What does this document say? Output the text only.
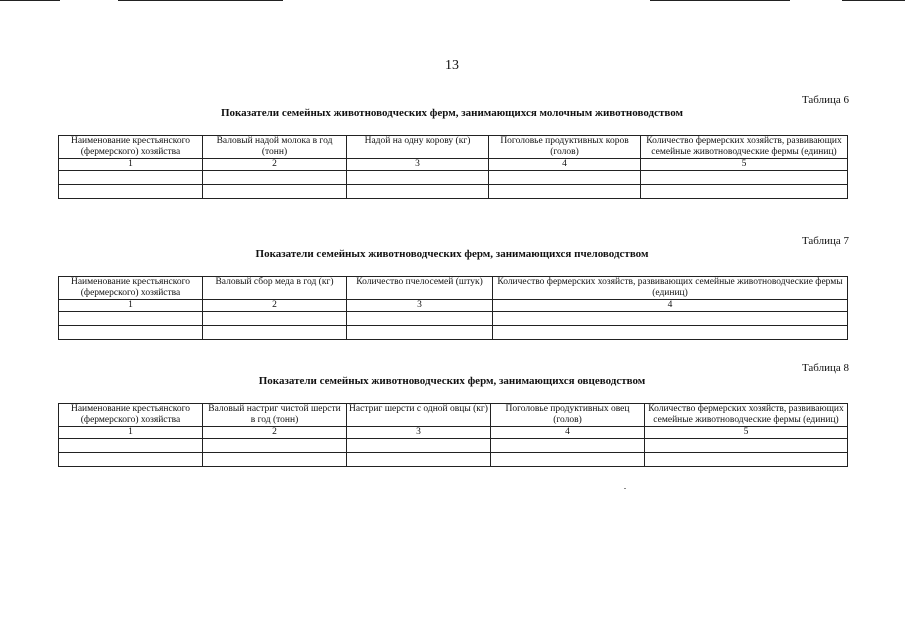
13
Таблица 6
Показатели семейных животноводческих ферм, занимающихся молочным животноводством
Наименование крестьянского (фермерского) хозяйства	Валовый надой молока в год (тонн)	Надой на одну корову (кг)	Поголовье продуктивных коров (голов)	Количество фермерских хозяйств, развивающих семейные животноводческие фермы (единиц)
1	2	3	4	5

Таблица 7
Показатели семейных животноводческих ферм, занимающихся пчеловодством
Наименование крестьянского (фермерского) хозяйства	Валовый сбор меда в год (кг)	Количество пчелосемей (штук)	Количество фермерских хозяйств, развивающих семейные животноводческие фермы (единиц)
1	2	3	4

Таблица 8
Показатели семейных животноводческих ферм, занимающихся овцеводством
Наименование крестьянского (фермерского) хозяйства	Валовый настриг чистой шерсти в год (тонн)	Настриг шерсти с одной овцы (кг)	Поголовье продуктивных овец (голов)	Количество фермерских хозяйств, развивающих семейные животноводческие фермы (единиц)
1	2	3	4	5
